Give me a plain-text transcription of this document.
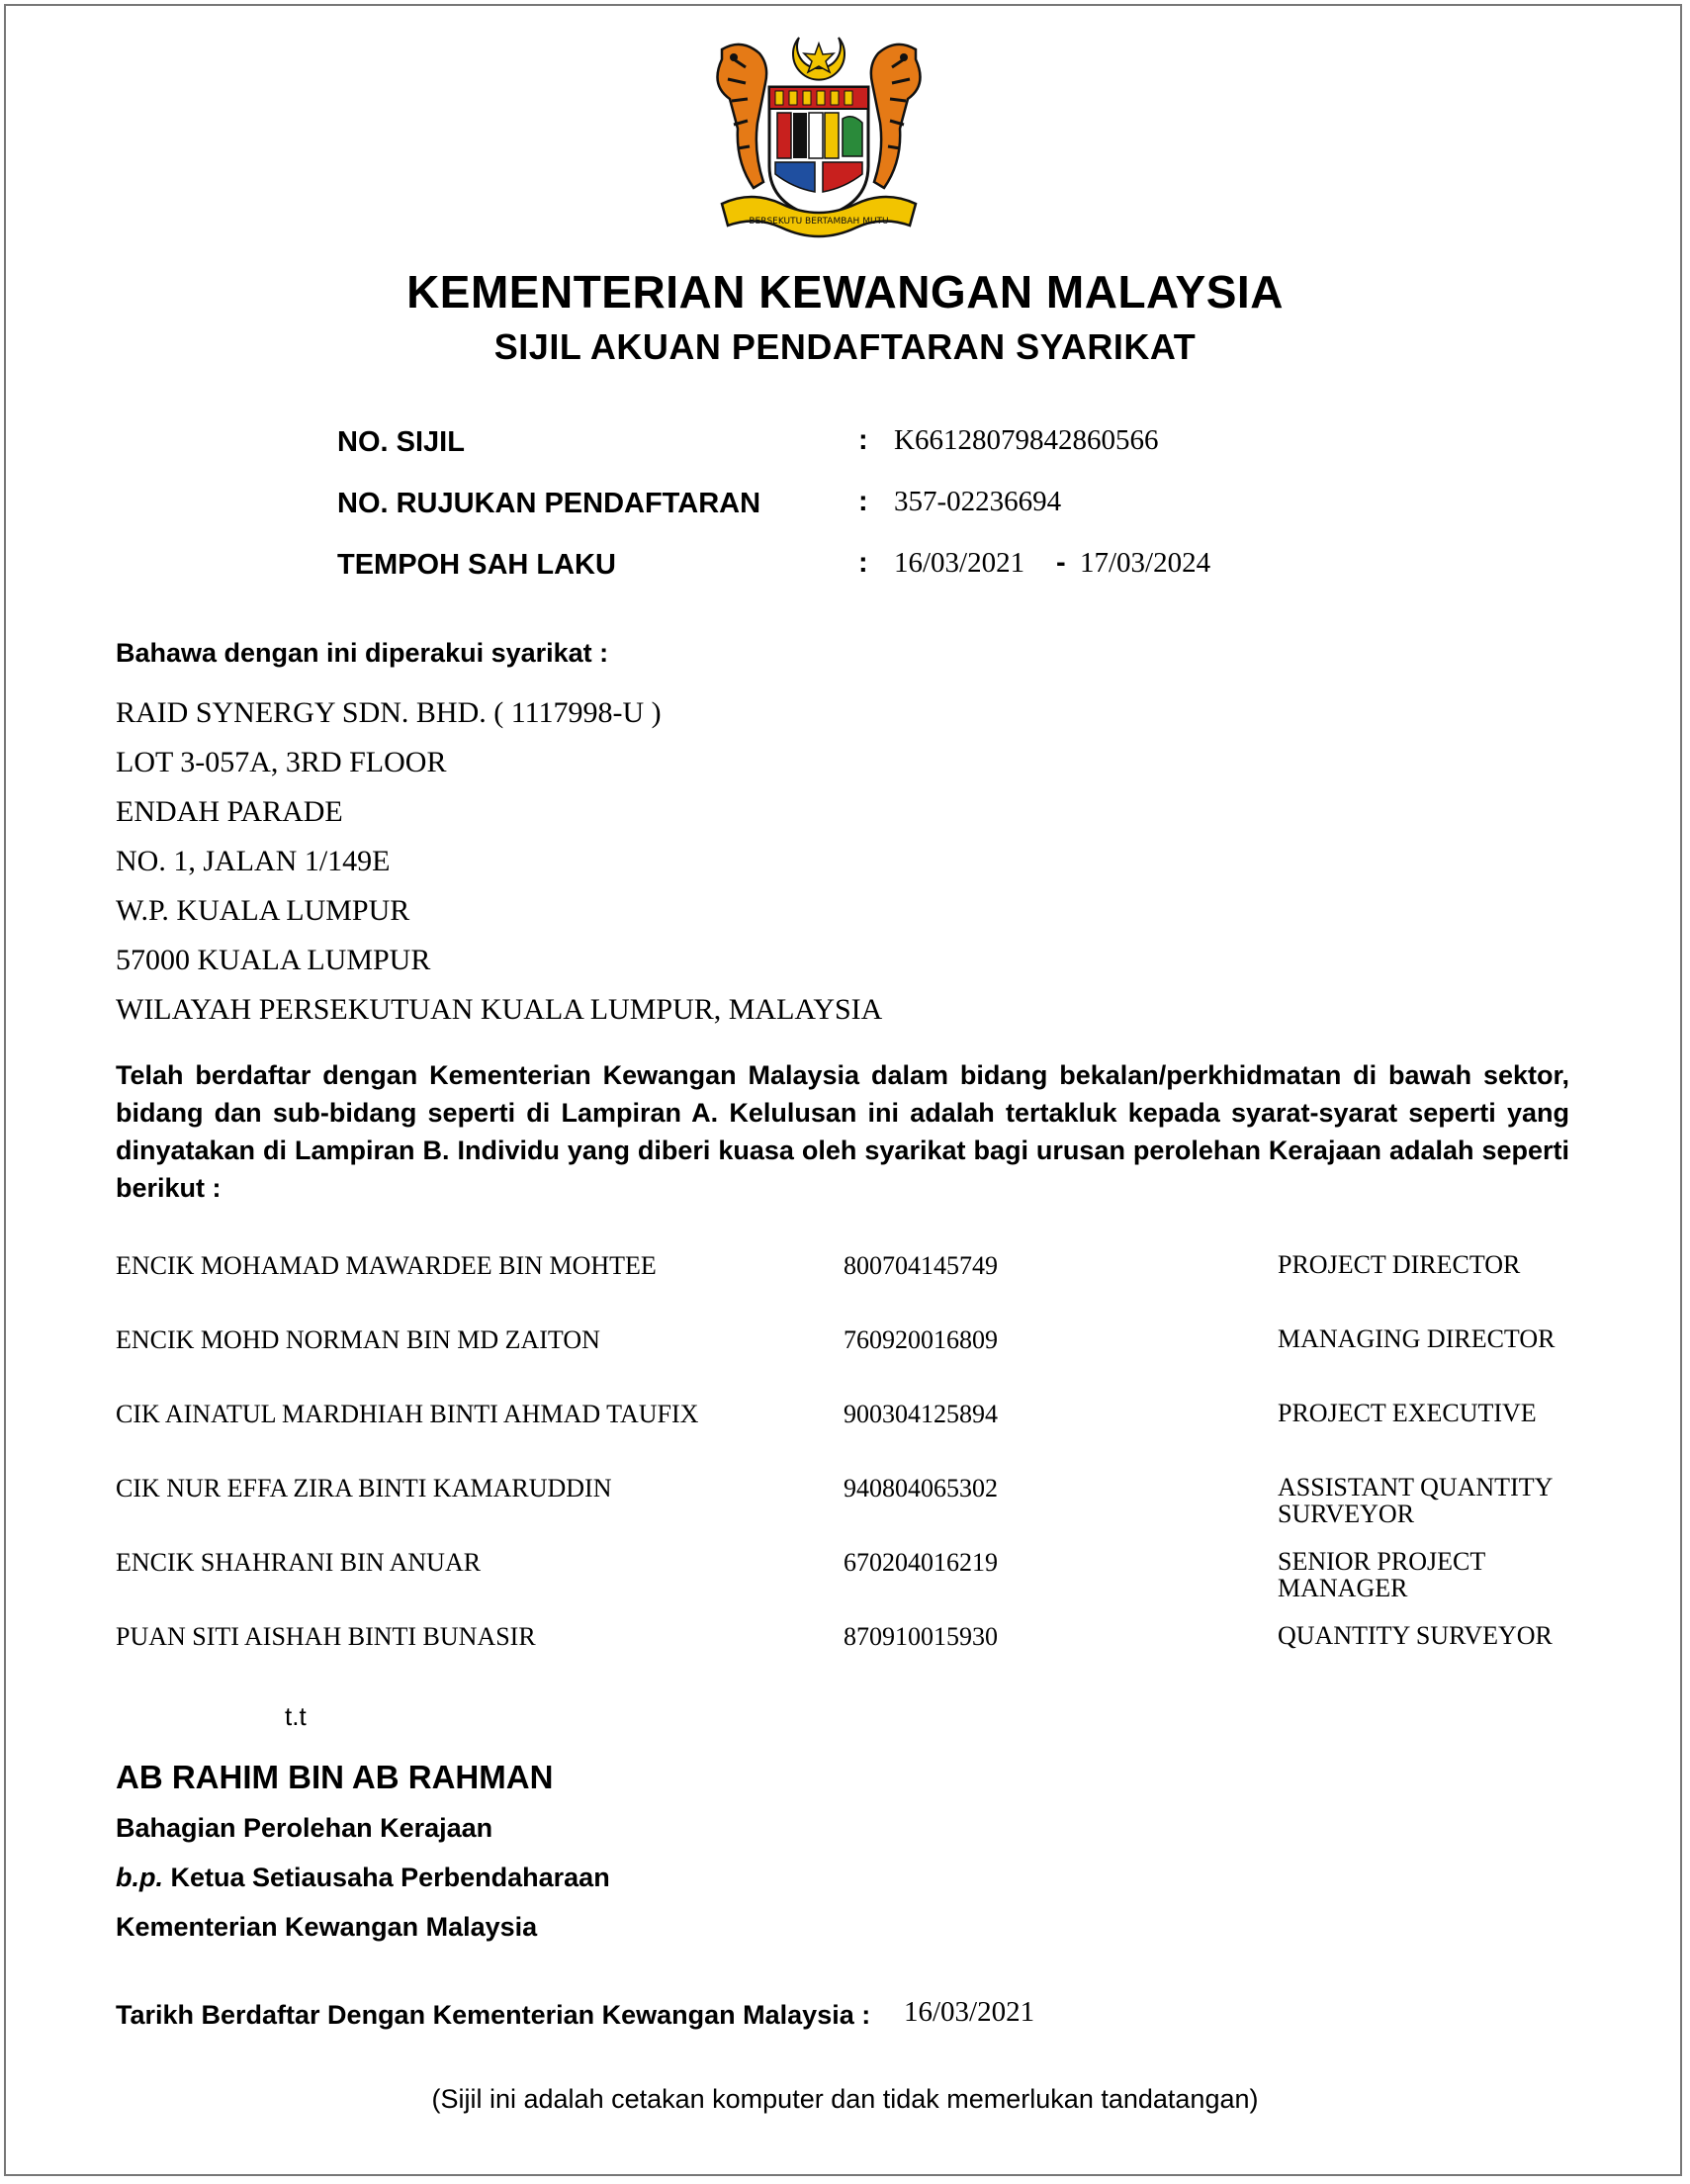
BERSEKUTU BERTAMBAH MUTU
KEMENTERIAN KEWANGAN MALAYSIA
SIJIL AKUAN PENDAFTARAN SYARIKAT
NO. SIJIL	: K66128079842860566
NO. RUJUKAN PENDAFTARAN	: 357-02236694
TEMPOH SAH LAKU	: 16/03/2021 - 17/03/2024
Bahawa dengan ini diperakui syarikat :
RAID SYNERGY SDN. BHD. ( 1117998-U )
LOT 3-057A, 3RD FLOOR
ENDAH PARADE
NO. 1, JALAN 1/149E
W.P. KUALA LUMPUR
57000 KUALA LUMPUR
WILAYAH PERSEKUTUAN KUALA LUMPUR, MALAYSIA
Telah berdaftar dengan Kementerian Kewangan Malaysia dalam bidang bekalan/perkhidmatan di bawah sektor, bidang dan sub-bidang seperti di Lampiran A. Kelulusan ini adalah tertakluk kepada syarat-syarat seperti yang dinyatakan di Lampiran B. Individu yang diberi kuasa oleh syarikat bagi urusan perolehan Kerajaan adalah seperti berikut :
ENCIK MOHAMAD MAWARDEE BIN MOHTEE	800704145749	PROJECT DIRECTOR
ENCIK MOHD NORMAN BIN MD ZAITON	760920016809	MANAGING DIRECTOR
CIK AINATUL MARDHIAH BINTI AHMAD TAUFIX	900304125894	PROJECT EXECUTIVE
CIK NUR EFFA ZIRA BINTI KAMARUDDIN	940804065302	ASSISTANT QUANTITY SURVEYOR
ENCIK SHAHRANI BIN ANUAR	670204016219	SENIOR PROJECT MANAGER
PUAN SITI AISHAH BINTI BUNASIR	870910015930	QUANTITY SURVEYOR
t.t
AB RAHIM BIN AB RAHMAN
Bahagian Perolehan Kerajaan
b.p. Ketua Setiausaha Perbendaharaan
Kementerian Kewangan Malaysia
Tarikh Berdaftar Dengan Kementerian Kewangan Malaysia : 16/03/2021
(Sijil ini adalah cetakan komputer dan tidak memerlukan tandatangan)
